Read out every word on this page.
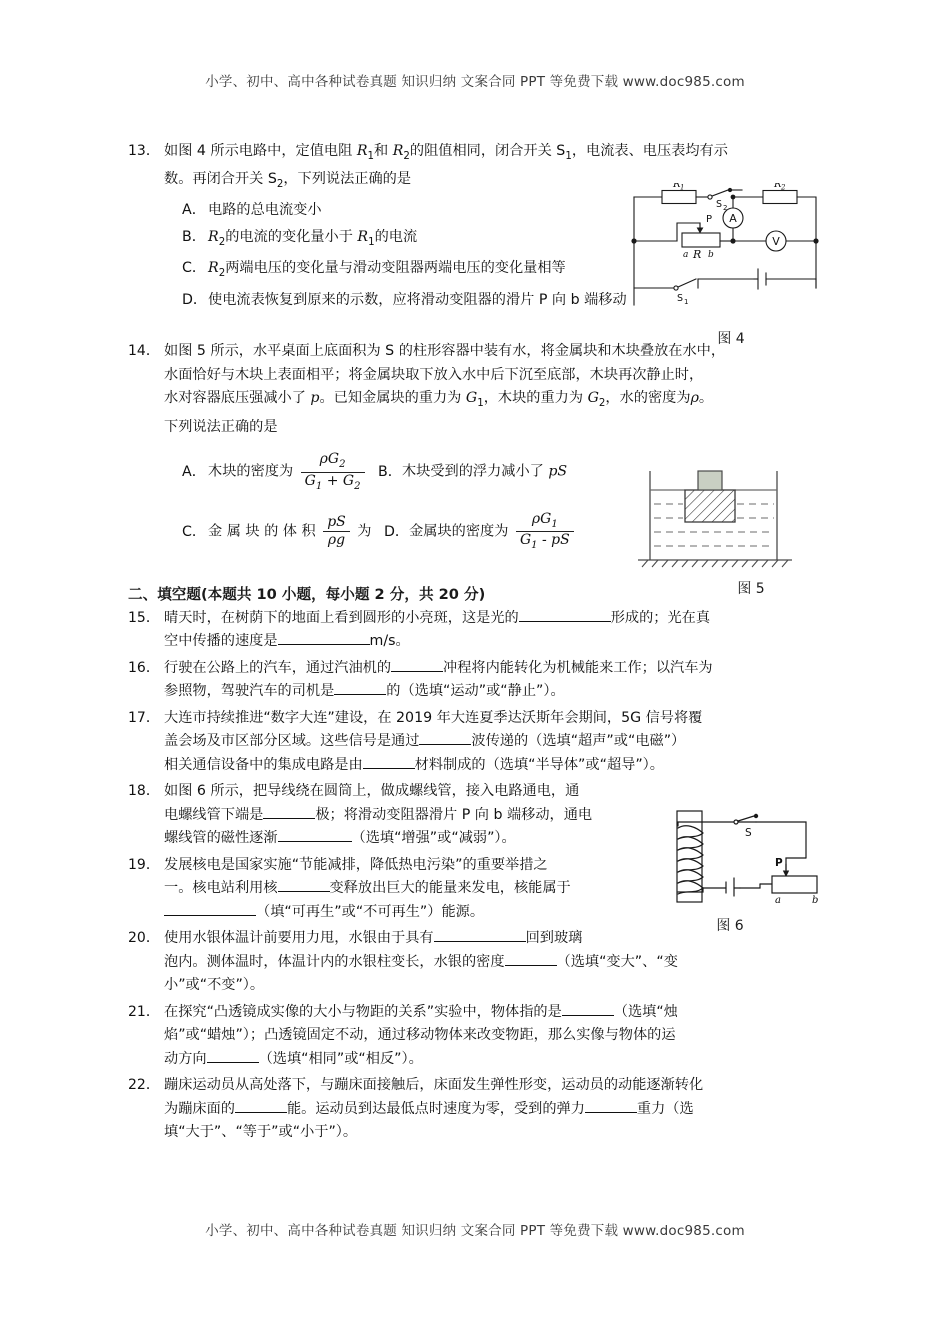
小学、初中、高中各种试卷真题 知识归纳 文案合同 PPT 等免费下载 www.doc985.com
13． 如图 4 所示电路中，定值电阻 $R_1$和 $R_2$的阻值相同，闭合开关 $S_1$，电流表、电压表均有示
数。再闭合开关 $S_2$，下列说法正确的是
A． 电路的总电流变小
B． $R_2$的电流的变化量小于 $R_1$的电流
C． $R_2$两端电压的变化量与滑动变阻器两端电压的变化量相等
D．使电流表恢复到原来的示数，应将滑动变阻器的滑片 P 向 b 端移动
14． 如图 5 所示，水平桌面上底面积为 S 的柱形容器中装有水，将金属块和木块叠放在水中，
水面恰好与木块上表面相平；将金属块取下放入水中后下沉至底部，木块再次静止时，
水对容器底压强减小了 p。已知金属块的重力为 $G_1$，木块的重力为 $G_2$，水的密度为ρ。
下列说法正确的是
A． 木块的密度为 $\frac{\rho G_2}{G_1 + G_2}$ B．木块受到的浮力减小了 pS
C． 金 属 块 的 体 积 $\frac{pS}{\rho g}$ 为 D．金属块的密度为 $\frac{\rho G_1}{G_1 - pS}$
二、填空题(本题共 10 小题，每小题 2 分，共 20 分)
15． 晴天时，在树荫下的地面上看到圆形的小亮斑，这是光的	形成的；光在真
空中传播的速度是	m/s。
16． 行驶在公路上的汽车，通过汽油机的	冲程将内能转化为机械能来工作；以汽车为
参照物，驾驶汽车的司机是	的（选填“运动”或“静止”）。
17． 大连市持续推进“数字大连”建设，在 2019 年大连夏季达沃斯年会期间，5G 信号将覆
盖会场及市区部分区域。这些信号是通过	波传递的（选填“超声”或“电磁”）
相关通信设备中的集成电路是由	材料制成的（选填“半导体”或“超导”）。
18． 如图 6 所示，把导线绕在圆筒上，做成螺线管，接入电路通电，通
电螺线管下端是	极；将滑动变阻器滑片 P 向 b 端移动，通电
螺线管的磁性逐渐	（选填“增强”或“减弱”）。
19． 发展核电是国家实施“节能减排，降低热电污染”的重要举措之
一。核电站利用核	变释放出巨大的能量来发电，核能属于
（填“可再生”或“不可再生”）能源。
20． 使用水银体温计前要用力甩，水银由于具有	回到玻璃
泡内。测体温时，体温计内的水银柱变长，水银的密度	（选填“变大”、“变
小”或“不变”）。
21． 在探究“凸透镜成实像的大小与物距的关系”实验中，物体指的是	（选填“烛
焰”或“蜡烛”）；凸透镜固定不动，通过移动物体来改变物距，那么实像与物体的运
动方向	（选填“相同”或“相反”）。
22． 蹦床运动员从高处落下，与蹦床面接触后，床面发生弹性形变，运动员的动能逐渐转化
为蹦床面的	能。运动员到达最低点时速度为零，受到的弹力	重力（选
填“大于”、“等于”或“小于”）。
R 1	R 2
S 2
A
V
P
a R b
S 1
图 4
图 5
S
P
a	b
图 6
小学、初中、高中各种试卷真题 知识归纳 文案合同 PPT 等免费下载 www.doc985.com
